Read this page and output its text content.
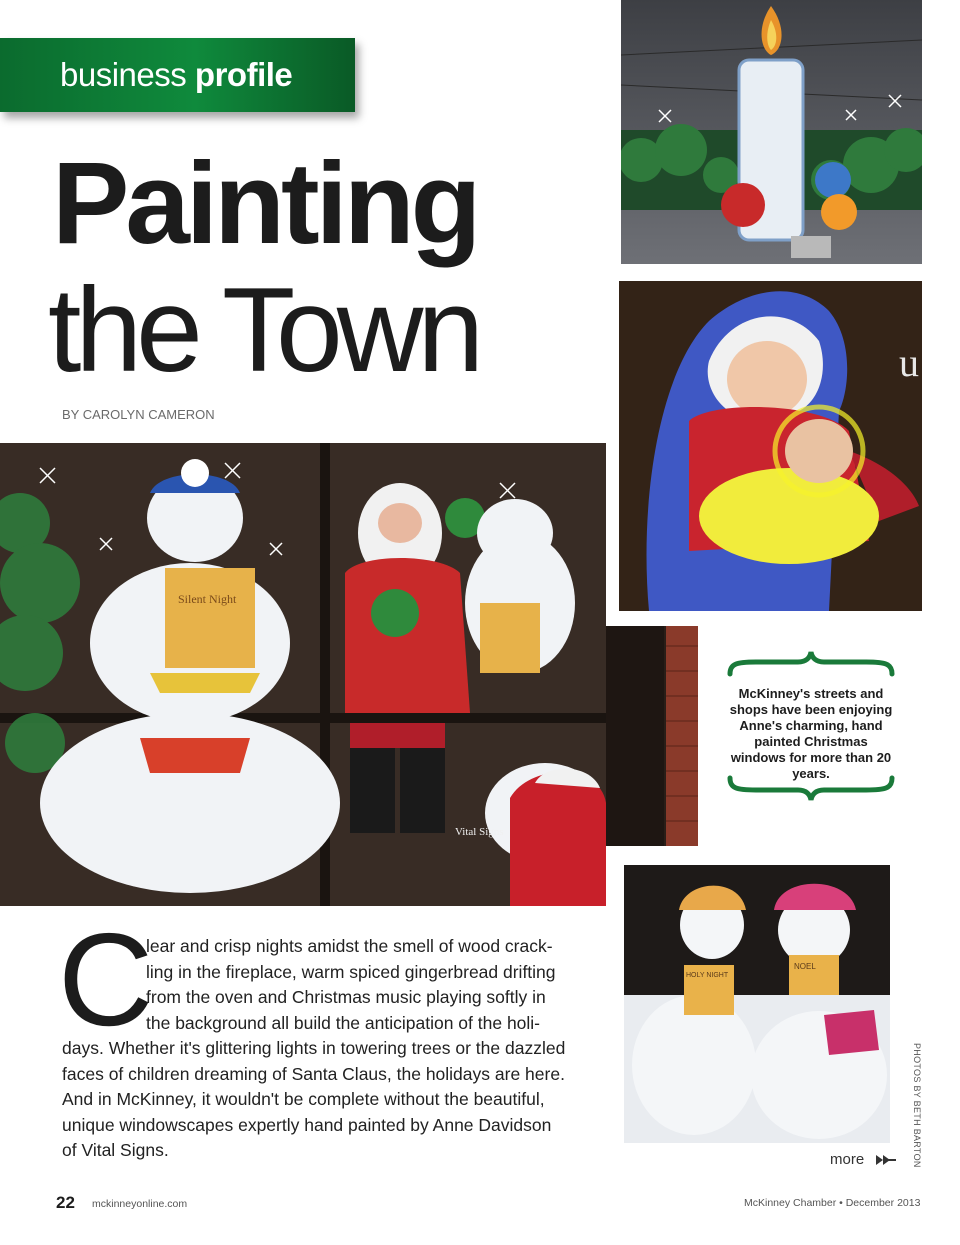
business profile
Painting
the Town
BY CAROLYN CAMERON
u
Silent Night
Vital Signs
McKinney's streets and shops have been enjoying Anne's charming, hand painted Christmas windows for more than 20 years.
HOLY NIGHT
NOEL
C
lear and crisp nights amidst the smell of wood crack-
ling in the fireplace, warm spiced gingerbread drifting
from the oven and Christmas music playing softly in
the background all build the anticipation of the holi-
days. Whether it's glittering lights in towering trees or the dazzled
faces of children dreaming of Santa Claus, the holidays are here.
And in McKinney, it wouldn't be complete without the beautiful,
unique windowscapes expertly hand painted by Anne Davidson
of Vital Signs.	PHOTOS BY BETH BARTON
more
22 mckinneyonline.com	McKinney Chamber • December 2013
